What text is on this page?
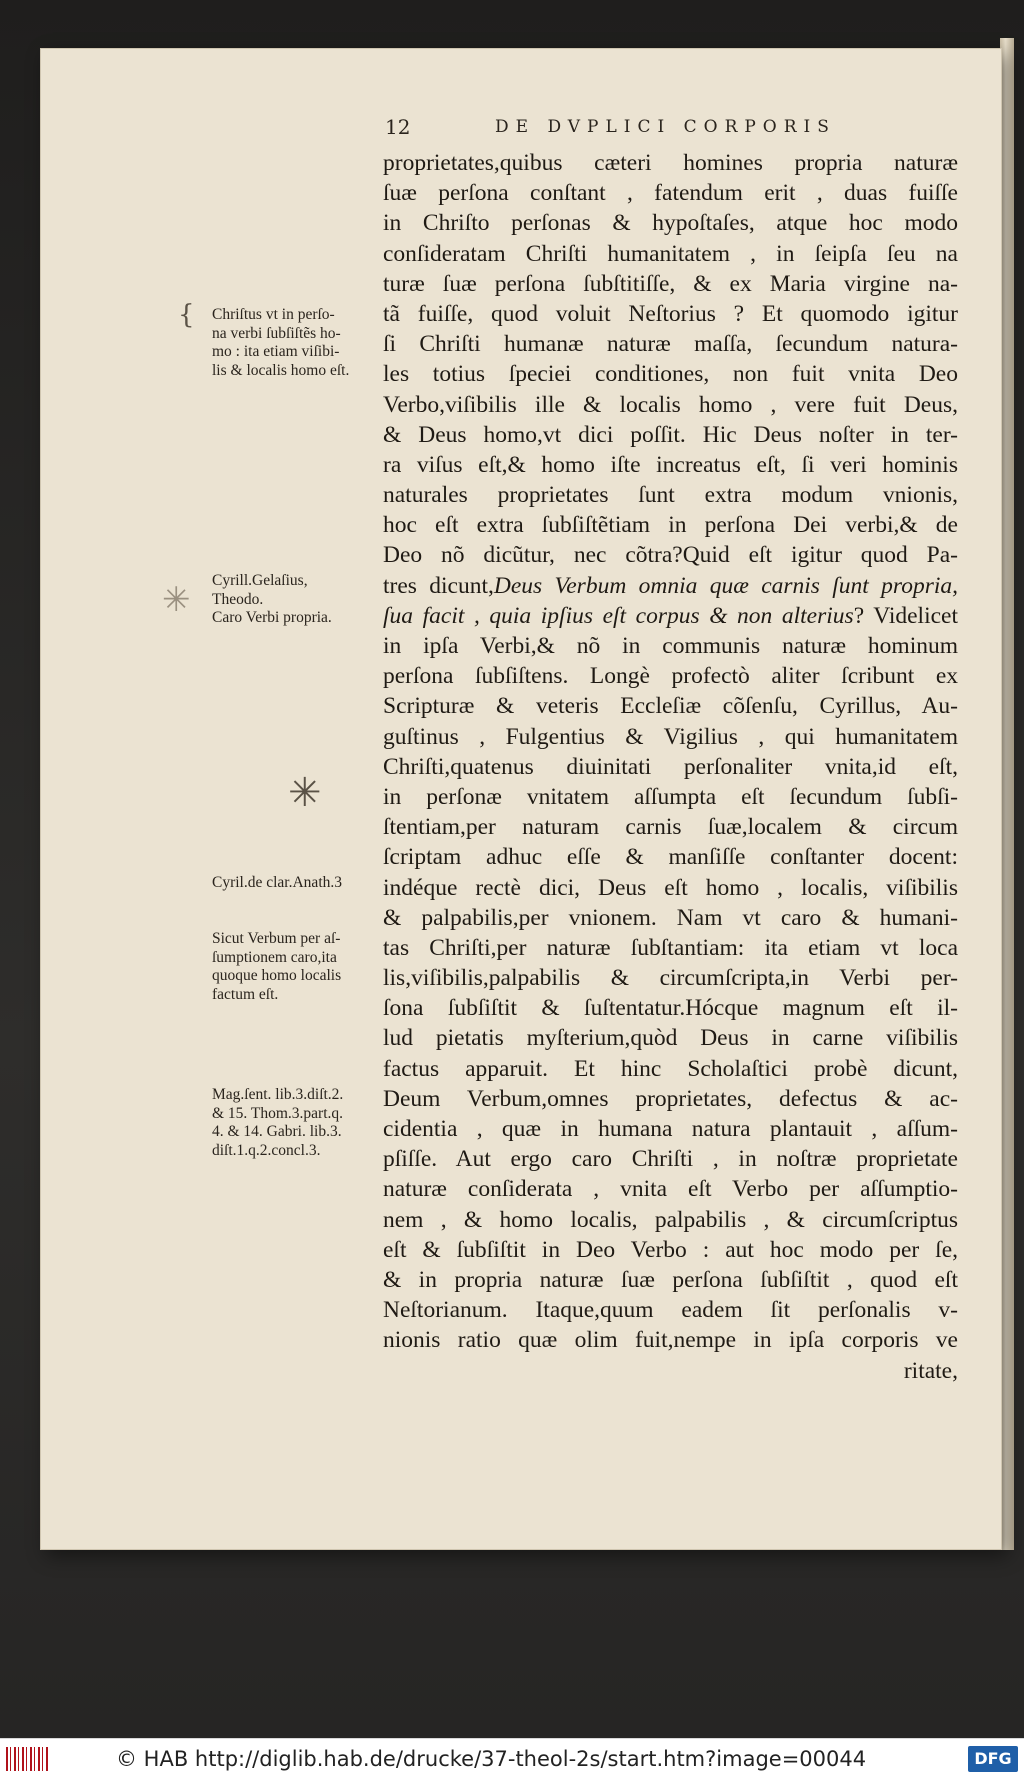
12	DE DVPLICI CORPORIS
proprietates,quibus cæteri homines propria naturæ
ſuæ perſona conſtant , fatendum erit , duas fuiſſe
in Chriſto perſonas & hypoſtaſes, atque hoc modo
conſideratam Chriſti humanitatem , in ſeipſa ſeu na
turæ ſuæ perſona ſubſtitiſſe, & ex Maria virgine na-
tã fuiſſe, quod voluit Neſtorius ? Et quomodo igitur
ſi Chriſti humanæ naturæ maſſa, ſecundum natura-
les totius ſpeciei conditiones, non fuit vnita Deo
Verbo,viſibilis ille & localis homo , vere fuit Deus,
& Deus homo,vt dici poſſit. Hic Deus noſter in ter-
ra viſus eſt,& homo iſte increatus eſt, ſi veri hominis
naturales proprietates ſunt extra modum vnionis,
hoc eſt extra ſubſiſtẽtiam in perſona Dei verbi,& de
Deo nõ dicũtur, nec cõtra?Quid eſt igitur quod Pa-
tres dicunt,Deus Verbum omnia quæ carnis ſunt propria,
ſua facit , quia ipſius eſt corpus & non alterius? Videlicet
in ipſa Verbi,& nõ in communis naturæ hominum
perſona ſubſiſtens. Longè profectò aliter ſcribunt ex
Scripturæ & veteris Eccleſiæ cõſenſu, Cyrillus, Au-
guſtinus , Fulgentius & Vigilius , qui humanitatem
Chriſti,quatenus diuinitati perſonaliter vnita,id eſt,
in perſonæ vnitatem aſſumpta eſt ſecundum ſubſi-
ſtentiam,per naturam carnis ſuæ,localem & circum
ſcriptam adhuc eſſe & manſiſſe conſtanter docent:
indéque rectè dici, Deus eſt homo , localis, viſibilis
& palpabilis,per vnionem. Nam vt caro & humani-
tas Chriſti,per naturæ ſubſtantiam: ita etiam vt loca
lis,viſibilis,palpabilis & circumſcripta,in Verbi per-
ſona ſubſiſtit & ſuſtentatur.Hócque magnum eſt il-
lud pietatis myſterium,quòd Deus in carne viſibilis
factus apparuit. Et hinc Scholaſtici probè dicunt,
Deum Verbum,omnes proprietates, defectus & ac-
cidentia , quæ in humana natura plantauit , aſſum-
pſiſſe. Aut ergo caro Chriſti , in noſtræ proprietate
naturæ conſiderata , vnita eſt Verbo per aſſumptio-
nem , & homo localis, palpabilis , & circumſcriptus
eſt & ſubſiſtit in Deo Verbo : aut hoc modo per ſe,
& in propria naturæ ſuæ perſona ſubſiſtit , quod eſt
Neſtorianum. Itaque,quum eadem ſit perſonalis v-
nionis ratio quæ olim fuit,nempe in ipſa corporis ve
ritate,
Chriſtus vt in perſo-
na verbi ſubſiſtẽs ho-
mo : ita etiam viſibi-
lis & localis homo eſt.
Cyrill.Gelaſius,
Theodo.
Caro Verbi propria.
Cyril.de clar.Anath.3
Sicut Verbum per aſ-
ſumptionem caro,ita
quoque homo localis
factum eſt.
Mag.ſent. lib.3.diſt.2.
& 15. Thom.3.part.q.
4. & 14. Gabri. lib.3.
diſt.1.q.2.concl.3.
{
✳
✳
© HAB http://diglib.hab.de/drucke/37-theol-2s/start.htm?image=00044	DFG
